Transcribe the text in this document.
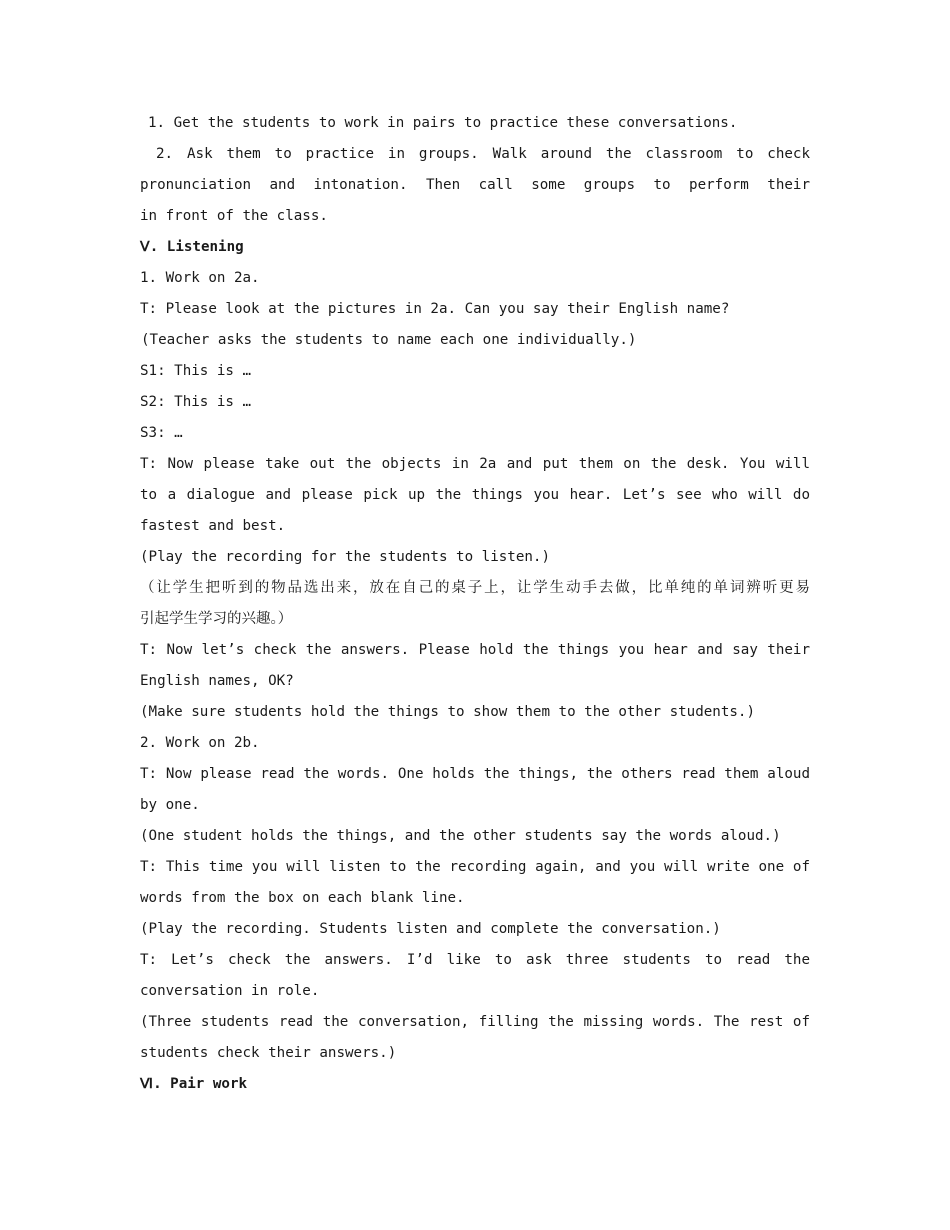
1. Get the students to work in pairs to practice these conversations.
2. Ask them to practice in groups. Walk around the classroom to check
pronunciation and intonation. Then call some groups to perform their
in front of the class.
Ⅴ. Listening
1. Work on 2a.
T: Please look at the pictures in 2a. Can you say their English name?
(Teacher asks the students to name each one individually.)
S1: This is …
S2: This is …
S3: …
T: Now please take out the objects in 2a and put them on the desk. You will
to a dialogue and please pick up the things you hear. Let’s see who will do
fastest and best.
(Play the recording for the students to listen.)
（让学生把听到的物品选出来，放在自己的桌子上，让学生动手去做，比单纯的单词辨听更易
引起学生学习的兴趣。）
T: Now let’s check the answers. Please hold the things you hear and say their
English names, OK?
(Make sure students hold the things to show them to the other students.)
2. Work on 2b.
T: Now please read the words. One holds the things, the others read them aloud
by one.
(One student holds the things, and the other students say the words aloud.)
T: This time you will listen to the recording again, and you will write one of
words from the box on each blank line.
(Play the recording. Students listen and complete the conversation.)
T: Let’s check the answers. I’d like to ask three students to read the
conversation in role.
(Three students read the conversation, filling the missing words. The rest of
students check their answers.)
Ⅵ. Pair work
